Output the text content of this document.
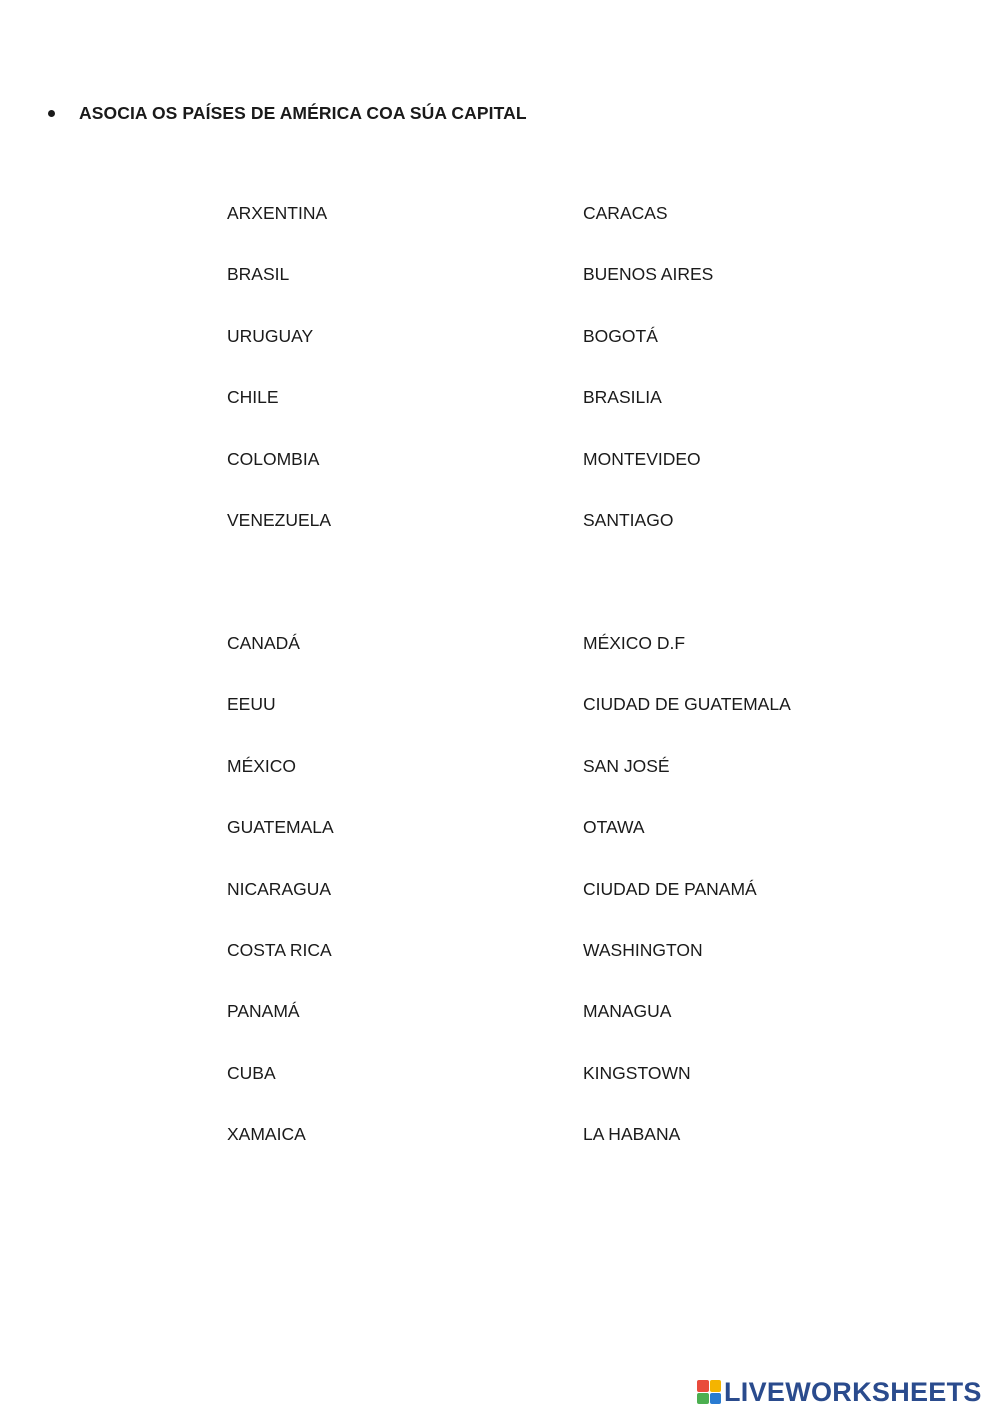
ASOCIA OS PAÍSES DE AMÉRICA COA SÚA CAPITAL
ARXENTINA	CARACAS
BRASIL	BUENOS AIRES
URUGUAY	BOGOTÁ
CHILE	BRASILIA
COLOMBIA	MONTEVIDEO
VENEZUELA	SANTIAGO
CANADÁ	MÉXICO D.F
EEUU	CIUDAD DE GUATEMALA
MÉXICO	SAN JOSÉ
GUATEMALA	OTAWA
NICARAGUA	CIUDAD DE PANAMÁ
COSTA RICA	WASHINGTON
PANAMÁ	MANAGUA
CUBA	KINGSTOWN
XAMAICA	LA HABANA
LIVEWORKSHEETS
